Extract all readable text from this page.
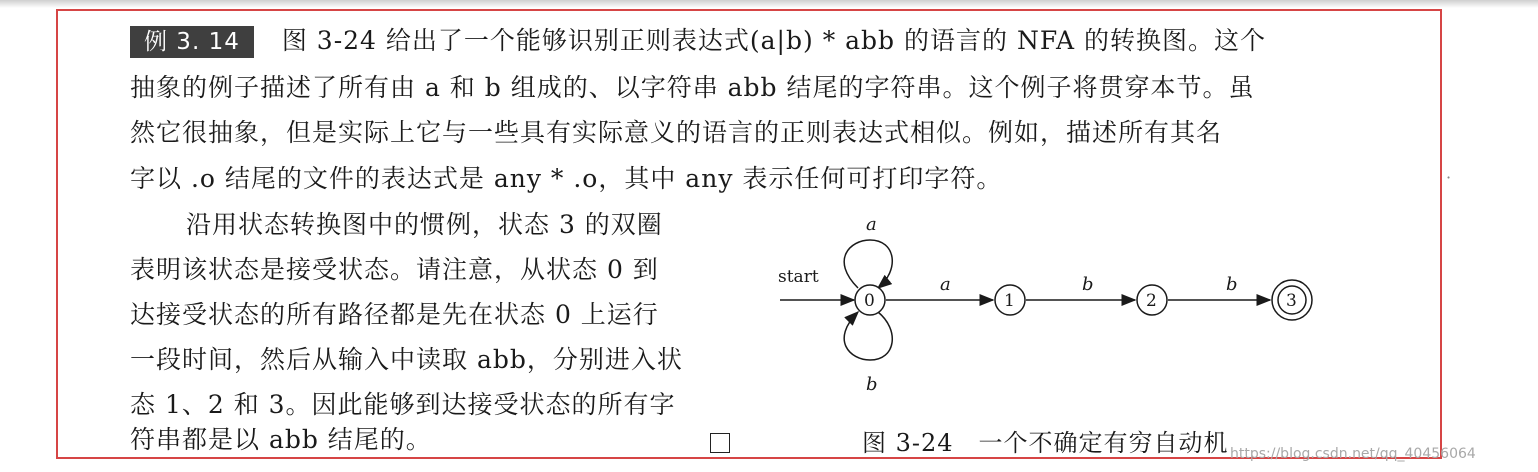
例 3. 14 图 3-24 给出了一个能够识别正则表达式(a|b) * abb 的语言的 NFA 的转换图。这个
抽象的例子描述了所有由 a 和 b 组成的、以字符串 abb 结尾的字符串。这个例子将贯穿本节。虽
然它很抽象，但是实际上它与一些具有实际意义的语言的正则表达式相似。例如，描述所有其名
字以 .o 结尾的文件的表达式是 any * .o，其中 any 表示任何可打印字符。
沿用状态转换图中的惯例，状态 3 的双圈
表明该状态是接受状态。请注意，从状态 0 到
达接受状态的所有路径都是先在状态 0 上运行
一段时间，然后从输入中读取 abb，分别进入状
态 1、2 和 3。因此能够到达接受状态的所有字
符串都是以 abb 结尾的。
start
a
b
0	1	2	3
a	b	b
图 3-24　一个不确定有穷自动机 https://blog.csdn.net/qq_40456064
·
